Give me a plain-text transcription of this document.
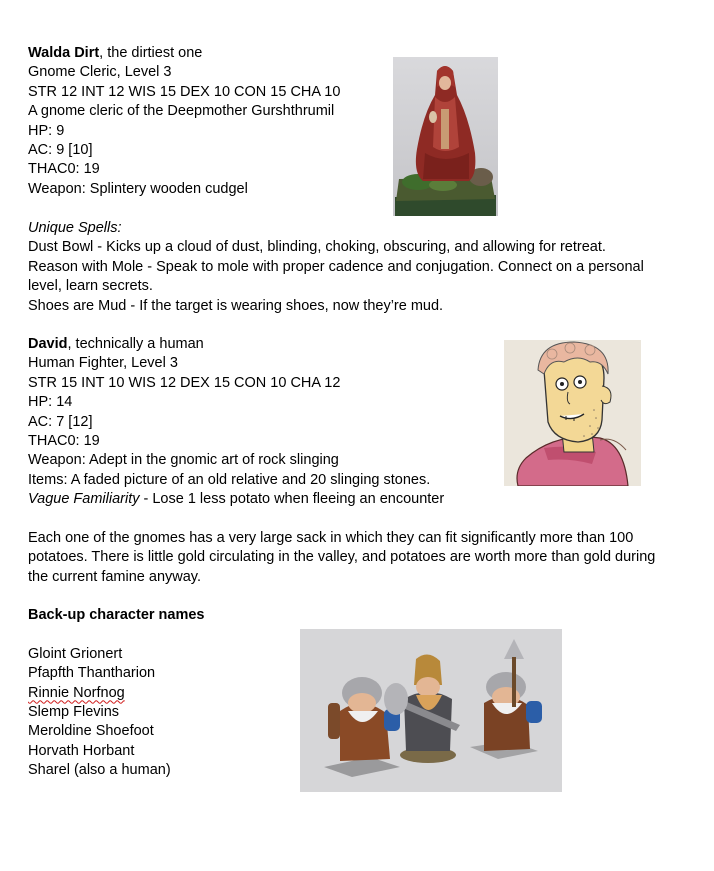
Walda Dirt, the dirtiest one
Gnome Cleric, Level 3
STR 12 INT 12 WIS 15 DEX 10 CON 15 CHA 10
A gnome cleric of the Deepmother Gurshthrumil
HP: 9
AC: 9 [10]
THAC0: 19
Weapon: Splintery wooden cudgel
Unique Spells:
Dust Bowl - Kicks up a cloud of dust, blinding, choking, obscuring, and allowing for retreat.
Reason with Mole - Speak to mole with proper cadence and conjugation. Connect on a personal level, learn secrets.
Shoes are Mud - If the target is wearing shoes, now they’re mud.
David, technically a human
Human Fighter, Level 3
STR 15 INT 10 WIS 12 DEX 15 CON 10 CHA 12
HP: 14
AC: 7 [12]
THAC0: 19
Weapon: Adept in the gnomic art of rock slinging
Items: A faded picture of an old relative and 20 slinging stones.
Vague Familiarity - Lose 1 less potato when fleeing an encounter
Each one of the gnomes has a very large sack in which they can fit significantly more than 100 potatoes. There is little gold circulating in the valley, and potatoes are worth more than gold during the current famine anyway.
Back-up character names
Gloint Grionert
Pfapfth Thantharion
Rinnie Norfnog
Slemp Flevins
Meroldine Shoefoot
Horvath Horbant
Sharel (also a human)
